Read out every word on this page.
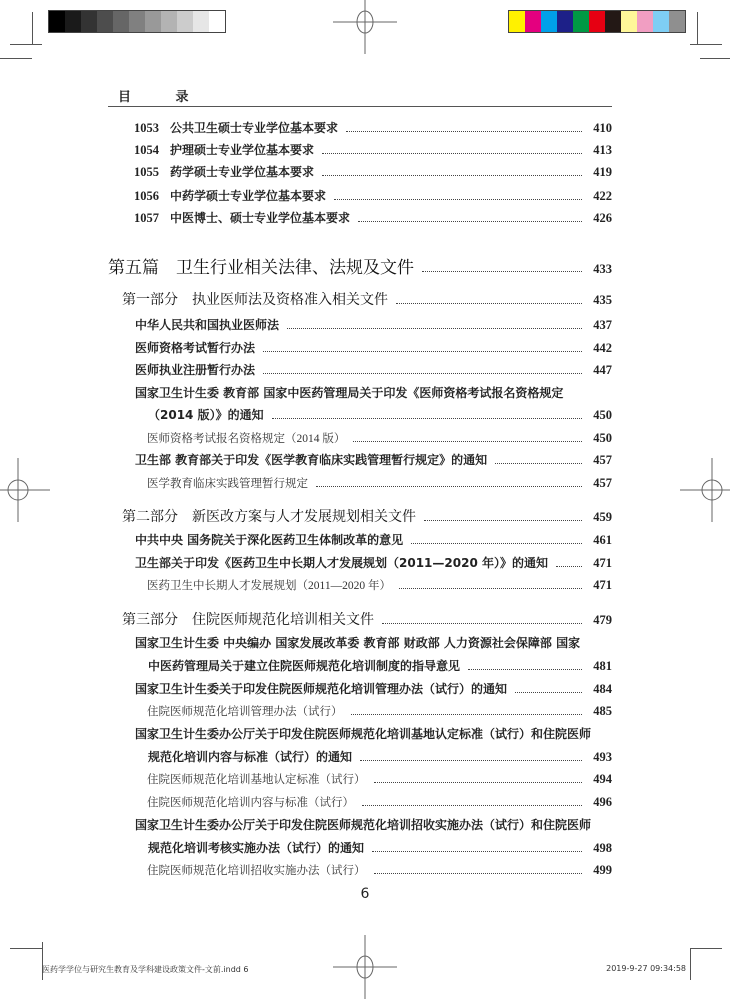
目 录
1053 公共卫生硕士专业学位基本要求	410
1054 护理硕士专业学位基本要求	413
1055 药学硕士专业学位基本要求	419
1056 中药学硕士专业学位基本要求	422
1057 中医博士、硕士专业学位基本要求	426
第五篇　卫生行业相关法律、法规及文件	433
第一部分　执业医师法及资格准入相关文件	435
中华人民共和国执业医师法	437
医师资格考试暂行办法	442
医师执业注册暂行办法	447
国家卫生计生委 教育部 国家中医药管理局关于印发《医师资格考试报名资格规定
（2014 版）》的通知	450
医师资格考试报名资格规定（2014 版）	450
卫生部 教育部关于印发《医学教育临床实践管理暂行规定》的通知	457
医学教育临床实践管理暂行规定	457
第二部分　新医改方案与人才发展规划相关文件	459
中共中央 国务院关于深化医药卫生体制改革的意见	461
卫生部关于印发《医药卫生中长期人才发展规划（2011—2020 年）》的通知	471
医药卫生中长期人才发展规划（2011—2020 年）	471
第三部分　住院医师规范化培训相关文件	479
国家卫生计生委 中央编办 国家发展改革委 教育部 财政部 人力资源社会保障部 国家
中医药管理局关于建立住院医师规范化培训制度的指导意见	481
国家卫生计生委关于印发住院医师规范化培训管理办法（试行）的通知	484
住院医师规范化培训管理办法（试行）	485
国家卫生计生委办公厅关于印发住院医师规范化培训基地认定标准（试行）和住院医师
规范化培训内容与标准（试行）的通知	493
住院医师规范化培训基地认定标准（试行）	494
住院医师规范化培训内容与标准（试行）	496
国家卫生计生委办公厅关于印发住院医师规范化培训招收实施办法（试行）和住院医师
规范化培训考核实施办法（试行）的通知	498
住院医师规范化培训招收实施办法（试行）	499
6
医药学学位与研究生教育及学科建设政策文件-文前.indd 6	2019-9-27 09:34:58
